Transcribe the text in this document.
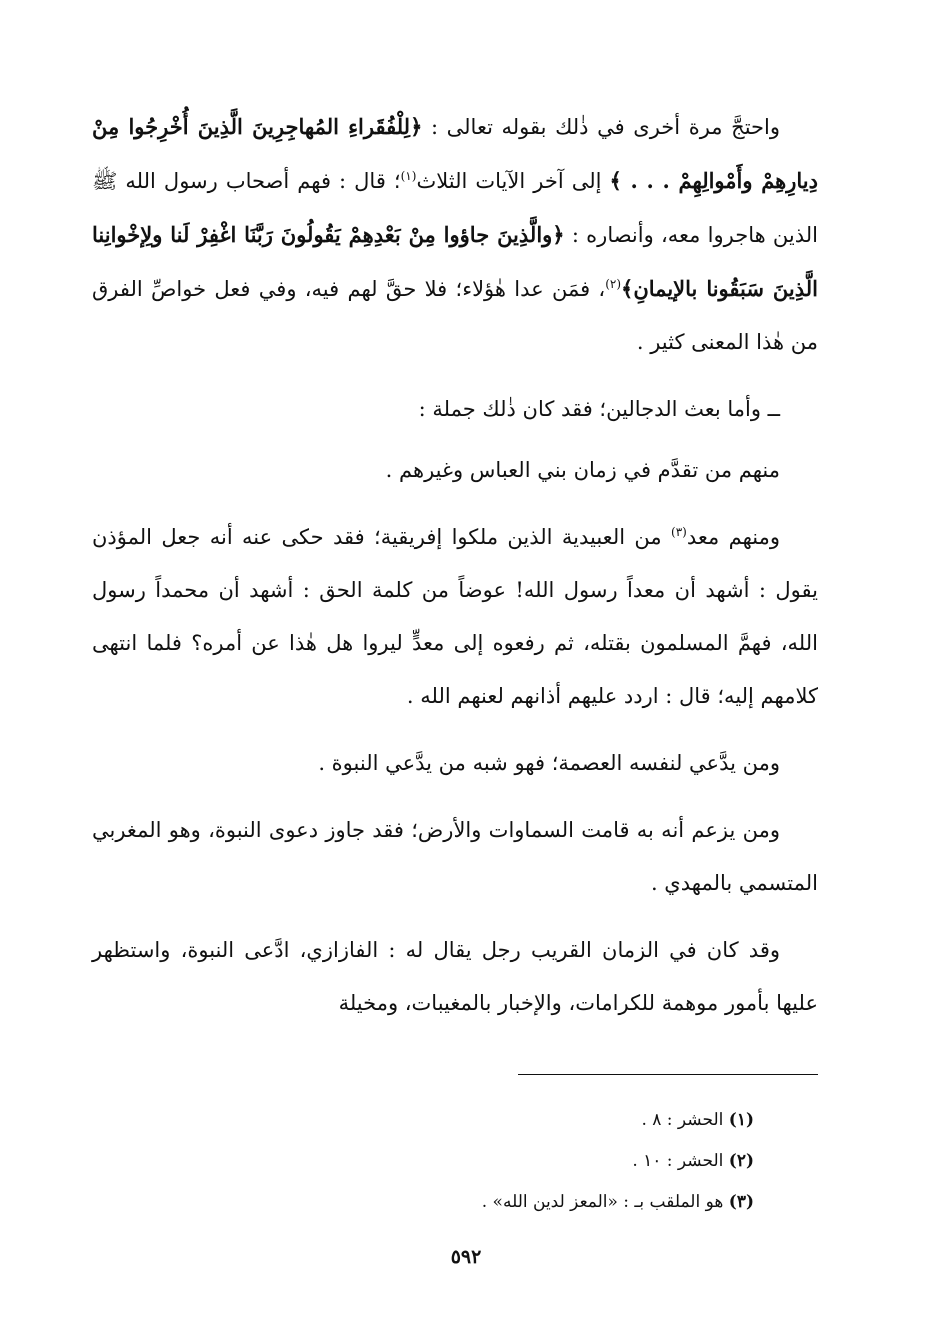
واحتجَّ مرة أخرى في ذٰلك بقوله تعالى : ﴿لِلْفُقَراءِ المُهاجِرِينَ الَّذِينَ أُخْرِجُوا مِنْ دِيارِهِمْ وأَمْوالِهِمْ . . . ﴾ إلى آخر الآيات الثلاث$^{(١)}$؛ قال : فهم أصحاب رسول الله ﷺ الذين هاجروا معه، وأنصاره : ﴿والَّذِينَ جاؤوا مِنْ بَعْدِهِمْ يَقُولُونَ رَبَّنَا اغْفِرْ لَنا ولِإخْوانِنا الَّذِينَ سَبَقُونا بالإيمانِ﴾$^{(٢)}$، فمَن عدا هٰؤلاء؛ فلا حقَّ لهم فيه، وفي فعل خواصِّ الفرق من هٰذا المعنى كثير .

ــ وأما بعث الدجالين؛ فقد كان ذٰلك جملة :

منهم من تقدَّم في زمان بني العباس وغيرهم .

ومنهم معد$^{(٣)}$ من العبيدية الذين ملكوا إفريقية؛ فقد حكى عنه أنه جعل المؤذن يقول : أشهد أن معداً رسول الله! عوضاً من كلمة الحق : أشهد أن محمداً رسول الله، فهمَّ المسلمون بقتله، ثم رفعوه إلى معدٍّ ليروا هل هٰذا عن أمره؟ فلما انتهى كلامهم إليه؛ قال : اردد عليهم أذانهم لعنهم الله .

ومن يدَّعي لنفسه العصمة؛ فهو شبه من يدَّعي النبوة .

ومن يزعم أنه به قامت السماوات والأرض؛ فقد جاوز دعوى النبوة، وهو المغربي المتسمي بالمهدي .

وقد كان في الزمان القريب رجل يقال له : الفازازي، ادَّعى النبوة، واستظهر عليها بأمور موهمة للكرامات، والإخبار بالمغيبات، ومخيلة

(١) الحشر : ٨ .
(٢) الحشر : ١٠ .
(٣) هو الملقب بـ : «المعز لدين الله» .
٥٩٢
